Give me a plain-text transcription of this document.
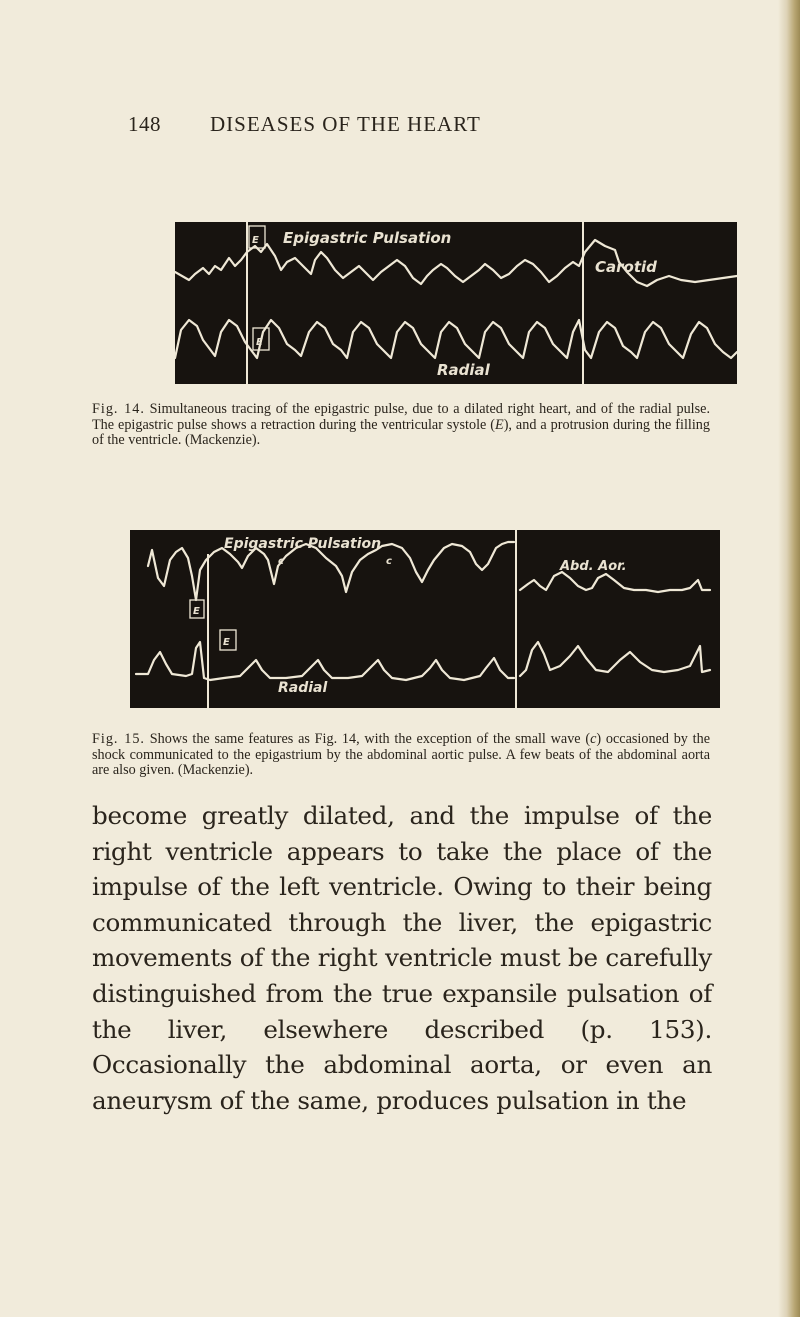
148 DISEASES OF THE HEART
E
E
Epigastric Pulsation
Carotid
Radial
Fig. 14. Simultaneous tracing of the epigastric pulse, due to a dilated right heart, and of the radial pulse. The epigastric pulse shows a retraction during the ventricular systole (E), and a protrusion during the filling of the ventricle. (Mackenzie).
Epigastric Pulsation
c	c
E
E
Abd. Aor.
Radial
Fig. 15. Shows the same features as Fig. 14, with the exception of the small wave (c) occasioned by the shock communicated to the epigastrium by the abdominal aortic pulse. A few beats of the abdominal aorta are also given. (Mackenzie).

become greatly dilated, and the impulse of the right ventricle appears to take the place of the impulse of the left ventricle. Owing to their being communicated through the liver, the epigastric movements of the right ventricle must be carefully distinguished from the true expansile pulsation of the liver, elsewhere described (p. 153). Occasionally the abdominal aorta, or even an aneurysm of the same, produces pulsation in the
